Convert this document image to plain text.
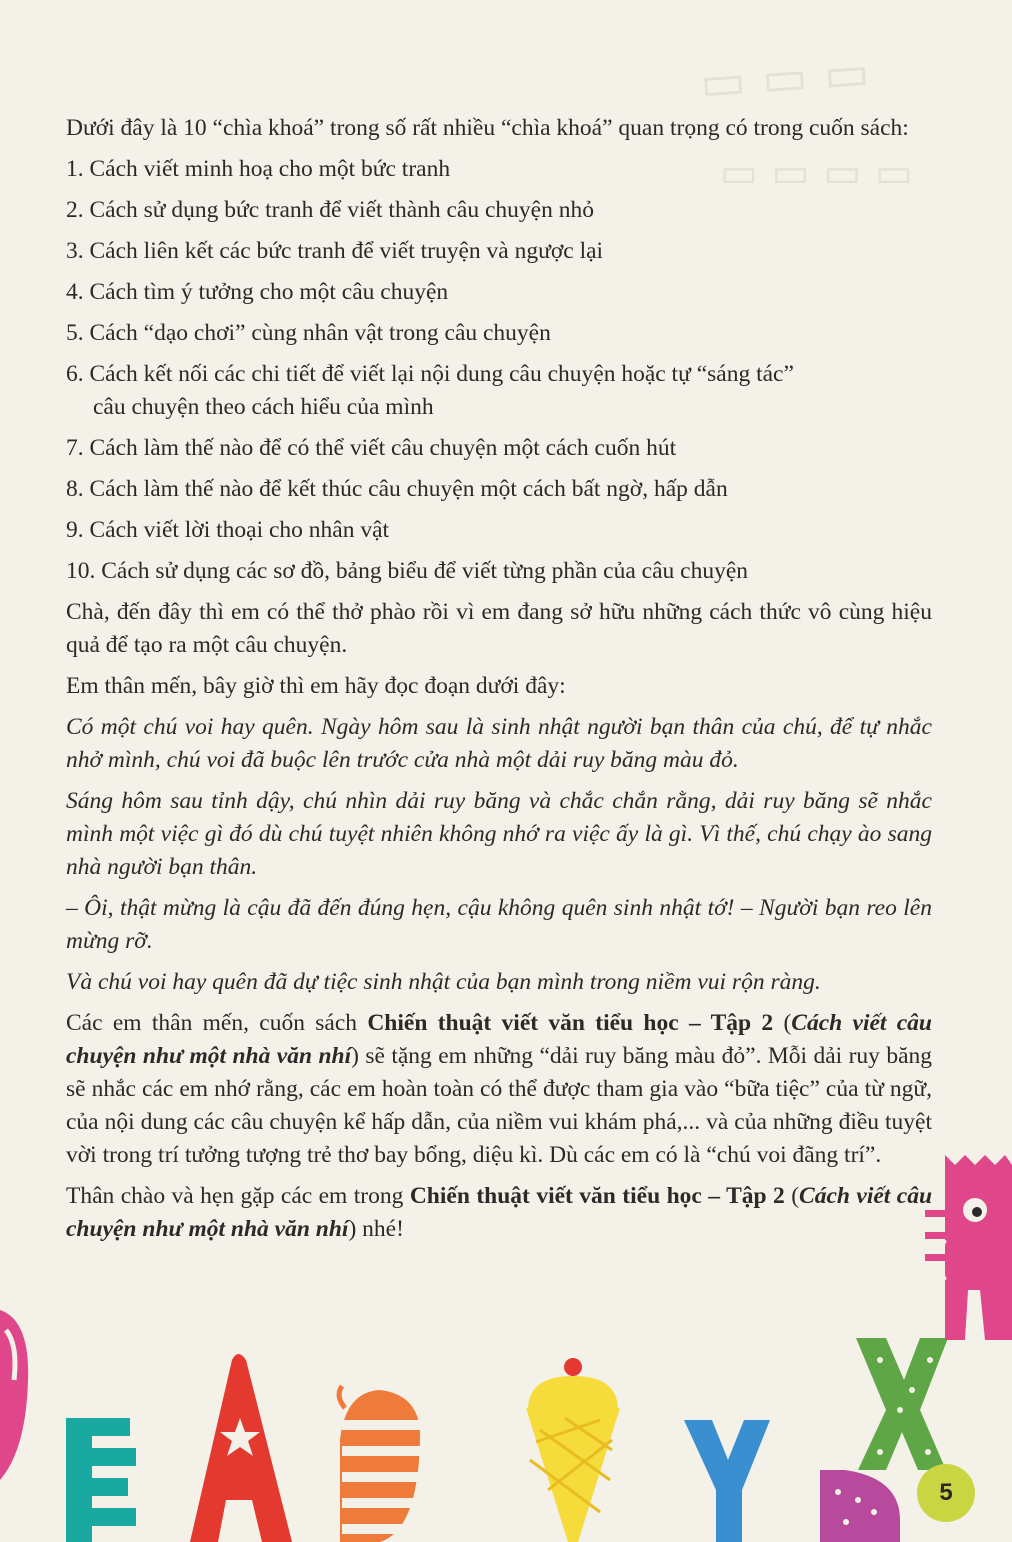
▭ ▭ ▭
▭ ▭ ▭ ▭

Dưới đây là 10 “chìa khoá” trong số rất nhiều “chìa khoá” quan trọng có trong cuốn sách:

1. Cách viết minh hoạ cho một bức tranh
2. Cách sử dụng bức tranh để viết thành câu chuyện nhỏ
3. Cách liên kết các bức tranh để viết truyện và ngược lại
4. Cách tìm ý tưởng cho một câu chuyện
5. Cách “dạo chơi” cùng nhân vật trong câu chuyện
6. Cách kết nối các chi tiết để viết lại nội dung câu chuyện hoặc tự “sáng tác”
câu chuyện theo cách hiểu của mình
7. Cách làm thế nào để có thể viết câu chuyện một cách cuốn hút
8. Cách làm thế nào để kết thúc câu chuyện một cách bất ngờ, hấp dẫn
9. Cách viết lời thoại cho nhân vật
10. Cách sử dụng các sơ đồ, bảng biểu để viết từng phần của câu chuyện

Chà, đến đây thì em có thể thở phào rồi vì em đang sở hữu những cách thức vô cùng hiệu quả để tạo ra một câu chuyện.

Em thân mến, bây giờ thì em hãy đọc đoạn dưới đây:

Có một chú voi hay quên. Ngày hôm sau là sinh nhật người bạn thân của chú, để tự nhắc nhở mình, chú voi đã buộc lên trước cửa nhà một dải ruy băng màu đỏ.

Sáng hôm sau tỉnh dậy, chú nhìn dải ruy băng và chắc chắn rằng, dải ruy băng sẽ nhắc mình một việc gì đó dù chú tuyệt nhiên không nhớ ra việc ấy là gì. Vì thế, chú chạy ào sang nhà người bạn thân.

– Ôi, thật mừng là cậu đã đến đúng hẹn, cậu không quên sinh nhật tớ! – Người bạn reo lên mừng rỡ.

Và chú voi hay quên đã dự tiệc sinh nhật của bạn mình trong niềm vui rộn ràng.

Các em thân mến, cuốn sách Chiến thuật viết văn tiểu học – Tập 2 (Cách viết câu chuyện như một nhà văn nhí) sẽ tặng em những “dải ruy băng màu đỏ”. Mỗi dải ruy băng sẽ nhắc các em nhớ rằng, các em hoàn toàn có thể được tham gia vào “bữa tiệc” của từ ngữ, của nội dung các câu chuyện kể hấp dẫn, của niềm vui khám phá,... và của những điều tuyệt vời trong trí tưởng tượng trẻ thơ bay bổng, diệu kì. Dù các em có là “chú voi đãng trí”.

Thân chào và hẹn gặp các em trong Chiến thuật viết văn tiểu học – Tập 2 (Cách viết câu chuyện như một nhà văn nhí) nhé!

5
